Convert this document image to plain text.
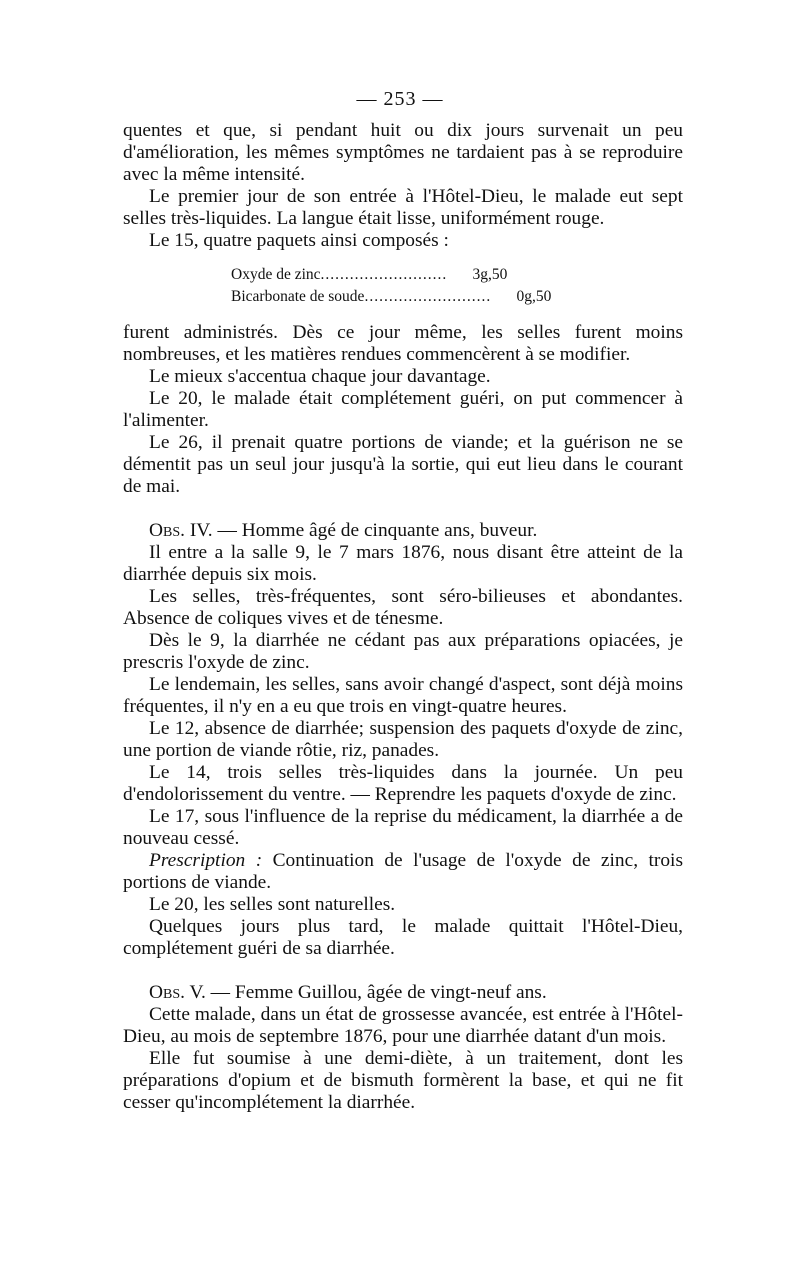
— 253 —

quentes et que, si pendant huit ou dix jours survenait un peu d'amélioration, les mêmes symptômes ne tardaient pas à se reproduire avec la même intensité.

Le premier jour de son entrée à l'Hôtel-Dieu, le malade eut sept selles très-liquides. La langue était lisse, uniformément rouge.

Le 15, quatre paquets ainsi composés :

Oxyde de zinc ..........................	3g,50
Bicarbonate de soude ..........................	0g,50

furent administrés. Dès ce jour même, les selles furent moins nombreuses, et les matières rendues commencèrent à se modifier.

Le mieux s'accentua chaque jour davantage.

Le 20, le malade était complétement guéri, on put commencer à l'alimenter.

Le 26, il prenait quatre portions de viande; et la guérison ne se démentit pas un seul jour jusqu'à la sortie, qui eut lieu dans le courant de mai.

Obs. IV. — Homme âgé de cinquante ans, buveur.

Il entre a la salle 9, le 7 mars 1876, nous disant être atteint de la diarrhée depuis six mois.

Les selles, très-fréquentes, sont séro-bilieuses et abondantes. Absence de coliques vives et de ténesme.

Dès le 9, la diarrhée ne cédant pas aux préparations opiacées, je prescris l'oxyde de zinc.

Le lendemain, les selles, sans avoir changé d'aspect, sont déjà moins fréquentes, il n'y en a eu que trois en vingt-quatre heures.

Le 12, absence de diarrhée; suspension des paquets d'oxyde de zinc, une portion de viande rôtie, riz, panades.

Le 14, trois selles très-liquides dans la journée. Un peu d'endolorissement du ventre. — Reprendre les paquets d'oxyde de zinc.

Le 17, sous l'influence de la reprise du médicament, la diarrhée a de nouveau cessé.

Prescription : Continuation de l'usage de l'oxyde de zinc, trois portions de viande.

Le 20, les selles sont naturelles.

Quelques jours plus tard, le malade quittait l'Hôtel-Dieu, complétement guéri de sa diarrhée.

Obs. V. — Femme Guillou, âgée de vingt-neuf ans.

Cette malade, dans un état de grossesse avancée, est entrée à l'Hôtel-Dieu, au mois de septembre 1876, pour une diarrhée datant d'un mois.

Elle fut soumise à une demi-diète, à un traitement, dont les préparations d'opium et de bismuth formèrent la base, et qui ne fit cesser qu'incomplétement la diarrhée.
